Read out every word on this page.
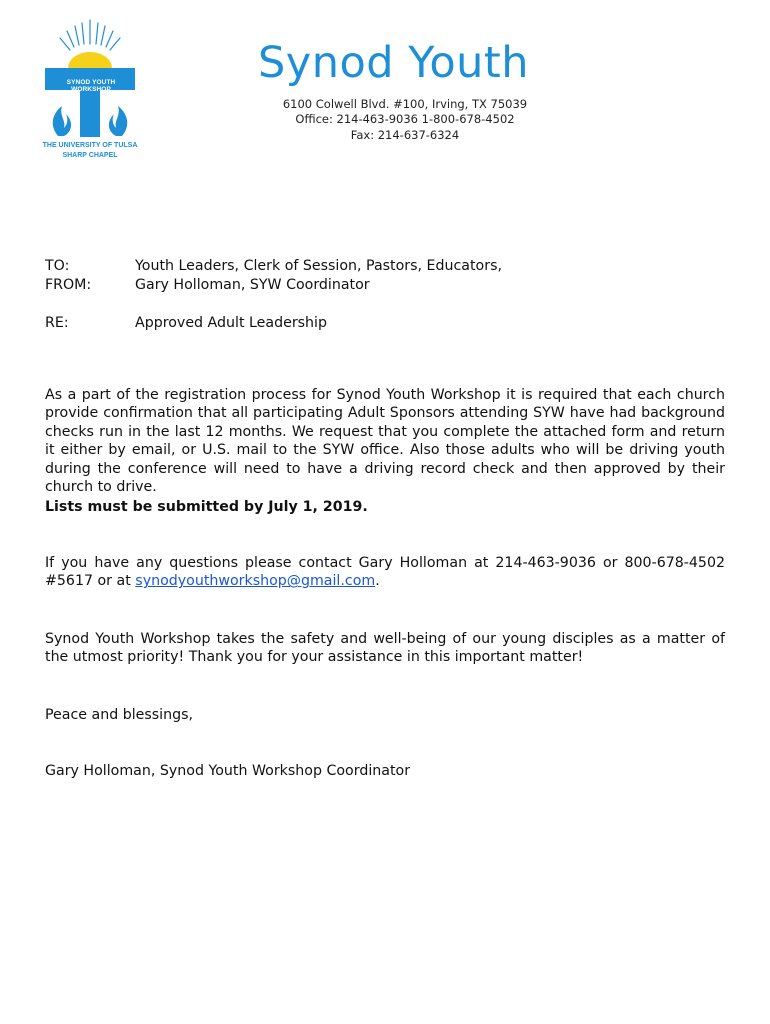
SYNOD YOUTH WORKSHOP
THE UNIVERSITY OF TULSA
SHARP CHAPEL
Synod Youth
6100 Colwell Blvd. #100, Irving, TX 75039
Office: 214-463-9036 1-800-678-4502
Fax: 214-637-6324
TO:	Youth Leaders, Clerk of Session, Pastors, Educators,
FROM:	Gary Holloman, SYW Coordinator
RE:	Approved Adult Leadership
As a part of the registration process for Synod Youth Workshop it is required that each church provide confirmation that all participating Adult Sponsors attending SYW have had background checks run in the last 12 months. We request that you complete the attached form and return it either by email, or U.S. mail to the SYW office. Also those adults who will be driving youth during the conference will need to have a driving record check and then approved by their church to drive.
Lists must be submitted by July 1, 2019.
If you have any questions please contact Gary Holloman at 214-463-9036 or 800-678-4502 #5617 or at synodyouthworkshop@gmail.com.
Synod Youth Workshop takes the safety and well-being of our young disciples as a matter of the utmost priority! Thank you for your assistance in this important matter!
Peace and blessings,
Gary Holloman, Synod Youth Workshop Coordinator
